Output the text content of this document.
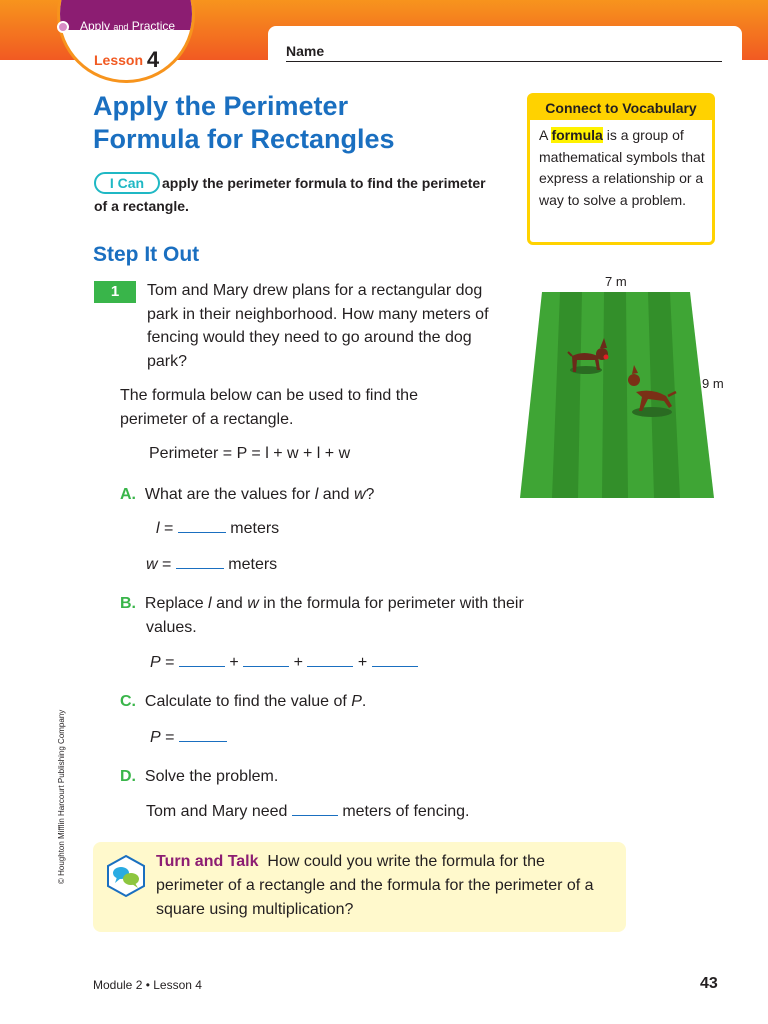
Name
Apply and Practice
Lesson 4
Apply the Perimeter
Formula for Rectangles
apply the perimeter formula to find the perimeter of a rectangle.
I Can
Connect to Vocabulary
A formula is a group of mathematical symbols that express a relationship or a way to solve a problem.
Step It Out
1	Tom and Mary drew plans for a rectangular dog park in their neighborhood. How many meters of fencing would they need to go around the dog park?
The formula below can be used to find the perimeter of a rectangle.
Perimeter = P = l + w + l + w
7 m
9 m
A. What are the values for l and w?
l =	meters
w =	meters
B. Replace l and w in the formula for perimeter with their values.
P =	+	+	+
C. Calculate to find the value of P.
P =
D. Solve the problem.
Tom and Mary need	meters of fencing.
Turn and Talk How could you write the formula for the perimeter of a rectangle and the formula for the perimeter of a square using multiplication?
© Houghton Mifflin Harcourt Publishing Company
Module 2 • Lesson 4	43
